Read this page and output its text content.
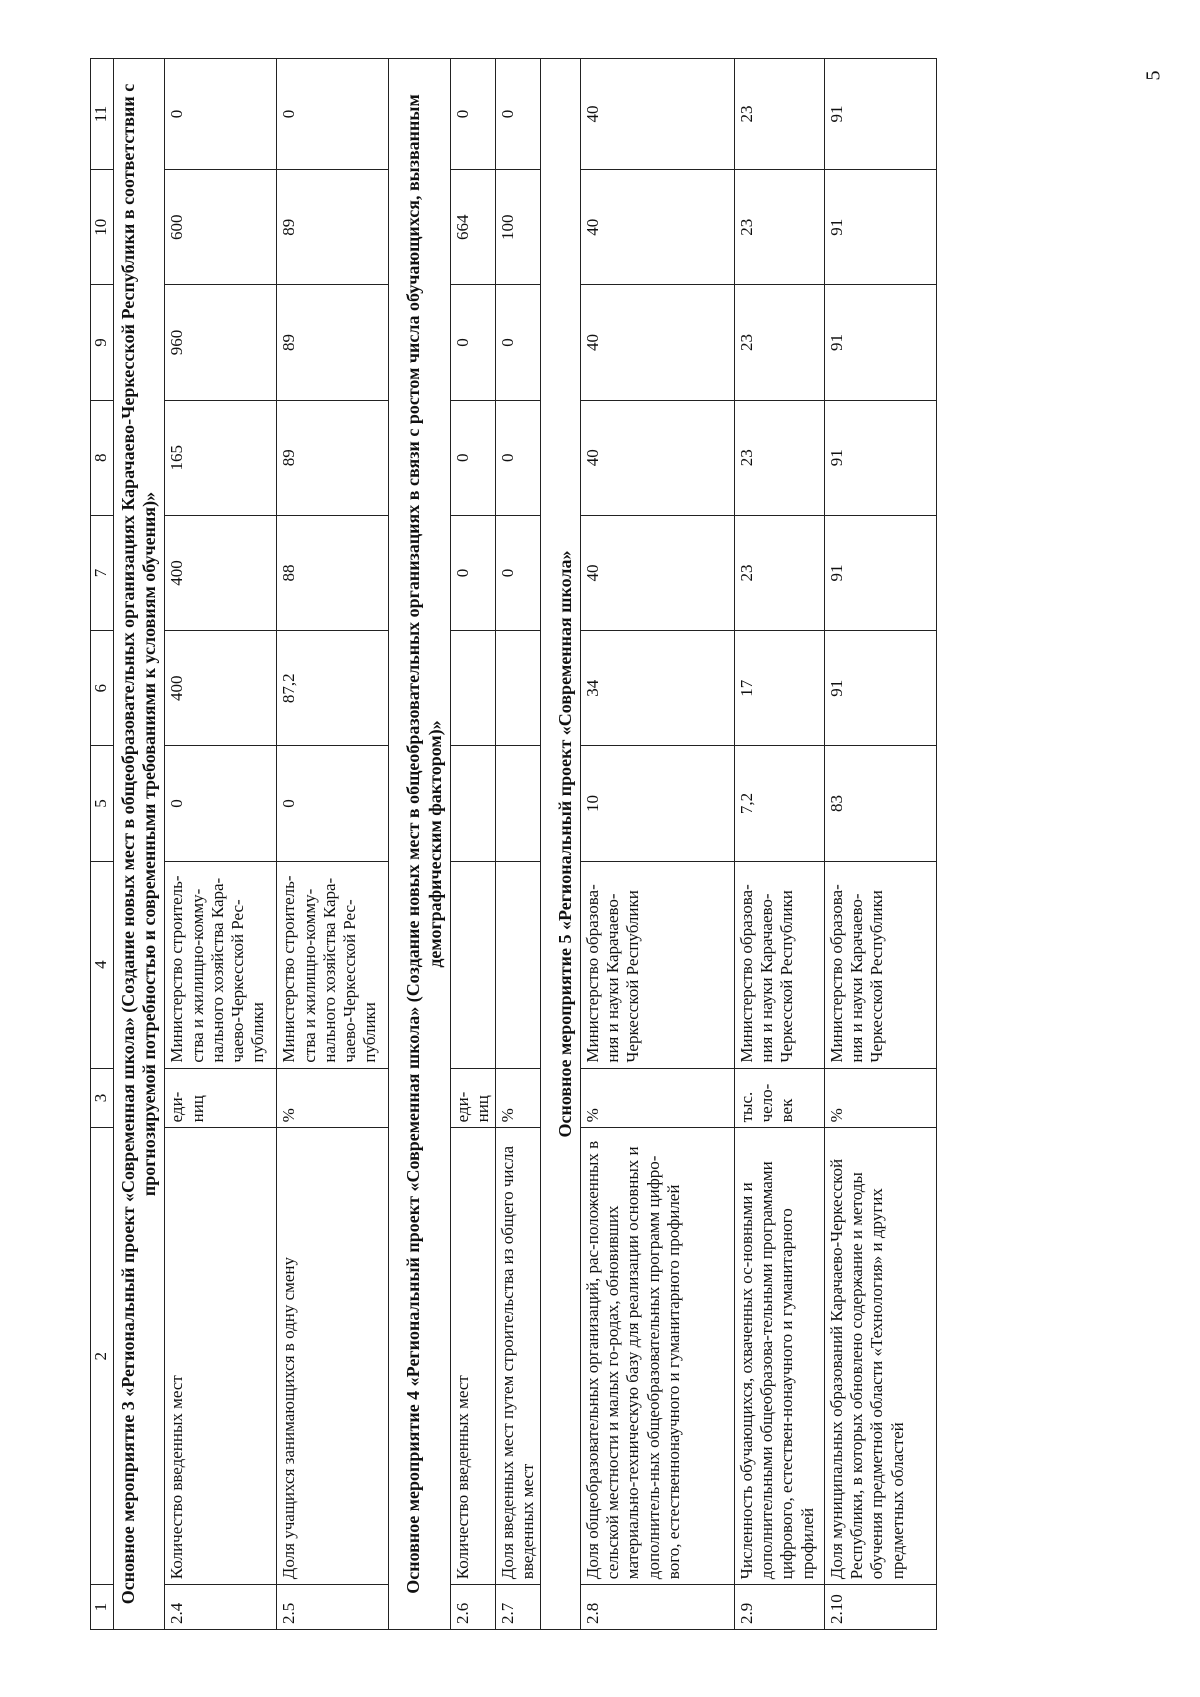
5
1	2	3	4	5	6	7	8	9	10	11
Основное мероприятие 3 «Региональный проект «Современная школа» (Создание новых мест в общеобразовательных организациях Карачаево-Черкесской Республики в соответствии с прогнозируемой потребностью и современными требованиями к условиям обучения)»										
2.4	Количество введенных мест	еди-ниц	Министерство строитель-ства и жилищно-комму-нального хозяйства Кара-чаево-Черкесской Рес-публики	0	400	400	165	960	600	0
2.5	Доля учащихся занимающихся в одну смену	%	Министерство строитель-ства и жилищно-комму-нального хозяйства Кара-чаево-Черкесской Рес-публики	0	87,2	88	89	89	89	0
Основное мероприятие 4 «Региональный проект «Современная школа» (Создание новых мест в общеобразовательных организациях в связи с ростом числа обучающихся, вызванным демографическим фактором)»										
2.6	Количество введенных мест	еди-ниц				0	0	0	664	0
2.7	Доля введенных мест путем строительства из общего числа введенных мест	%				0	0	0	100	0
Основное мероприятие 5 «Региональный проект «Современная школа»										
2.8	Доля общеобразовательных организаций, рас-положенных в сельской местности и малых го-родах, обновивших материально-техническую базу для реализации основных и дополнитель-ных общеобразовательных программ цифро-вого, естественнонаучного и гуманитарного профилей	%	Министерство образова-ния и науки Карачаево-Черкесской Республики	10	34	40	40	40	40	40
2.9	Численность обучающихся, охваченных ос-новными и дополнительными общеобразова-тельными программами цифрового, естествен-нонаучного и гуманитарного профилей	тыс. чело-век	Министерство образова-ния и науки Карачаево-Черкесской Республики	7,2	17	23	23	23	23	23
2.10	Доля муниципальных образований Карачаево-Черкесской Республики, в которых обновлено содержание и методы обучения предметной области «Технология» и других предметных областей	%	Министерство образова-ния и науки Карачаево-Черкесской Республики	83	91	91	91	91	91	91
